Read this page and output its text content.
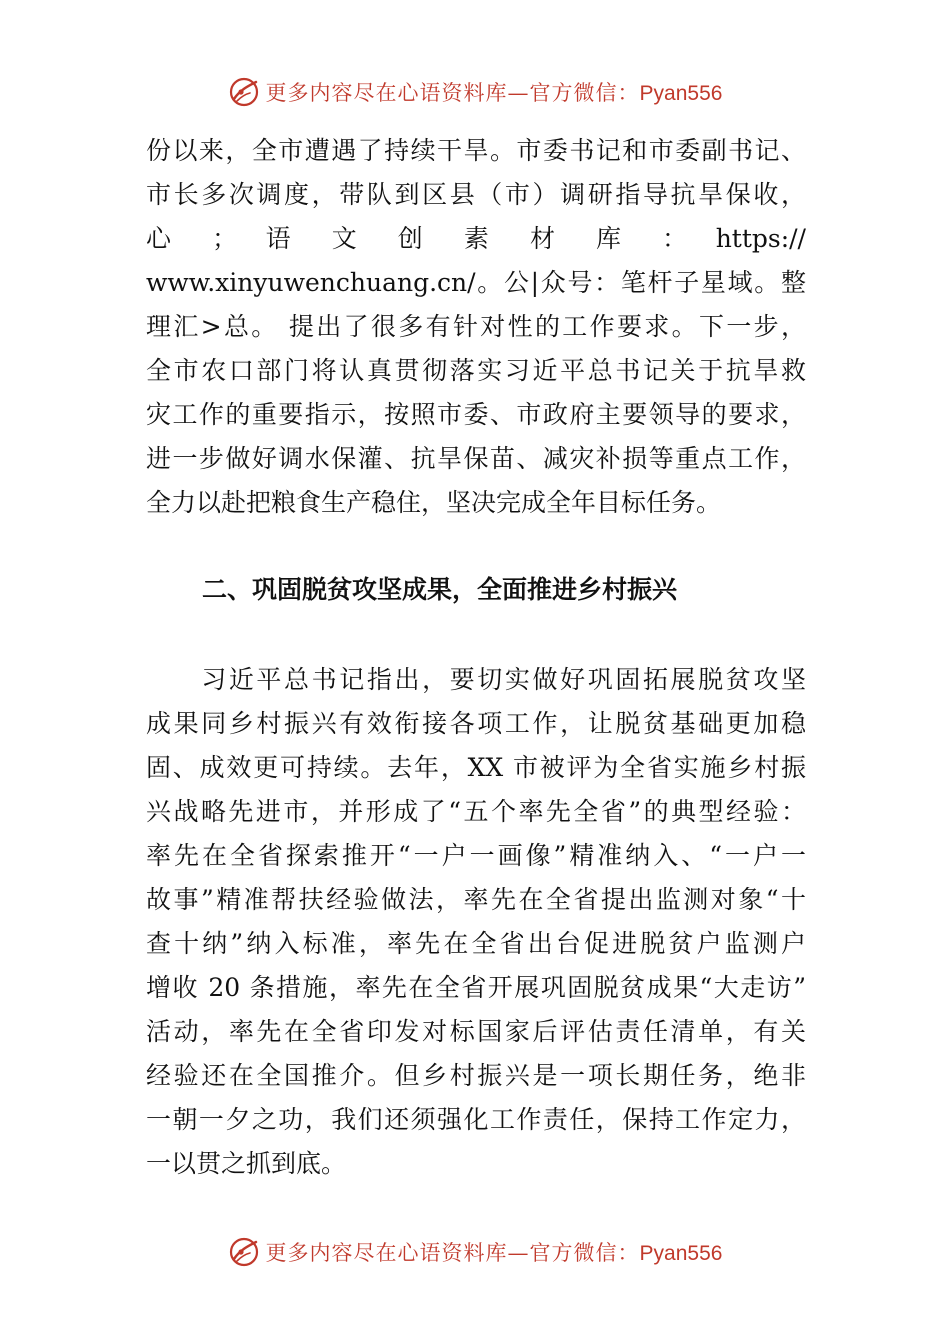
更多内容尽在心语资料库—官方微信：Pyan556
份以来，全市遭遇了持续干旱。市委书记和市委副书记、
市长多次调度，带队到区县（市）调研指导抗旱保收，
心　；　语　文　创　素　材　库　：　https://
www.xinyuwenchuang.cn/。公|众号：笔杆子星域。整
理汇>总。 提出了很多有针对性的工作要求。下一步，
全市农口部门将认真贯彻落实习近平总书记关于抗旱救
灾工作的重要指示，按照市委、市政府主要领导的要求，
进一步做好调水保灌、抗旱保苗、减灾补损等重点工作，
全力以赴把粮食生产稳住，坚决完成全年目标任务。
二、巩固脱贫攻坚成果，全面推进乡村振兴
　　习近平总书记指出，要切实做好巩固拓展脱贫攻坚
成果同乡村振兴有效衔接各项工作，让脱贫基础更加稳
固、成效更可持续。去年，XX 市被评为全省实施乡村振
兴战略先进市，并形成了“五个率先全省”的典型经验：
率先在全省探索推开“一户一画像”精准纳入、“一户一
故事”精准帮扶经验做法，率先在全省提出监测对象“十
查十纳”纳入标准，率先在全省出台促进脱贫户监测户
增收 20 条措施，率先在全省开展巩固脱贫成果“大走访”
活动，率先在全省印发对标国家后评估责任清单，有关
经验还在全国推介。但乡村振兴是一项长期任务，绝非
一朝一夕之功，我们还须强化工作责任，保持工作定力，
一以贯之抓到底。
更多内容尽在心语资料库—官方微信：Pyan556
